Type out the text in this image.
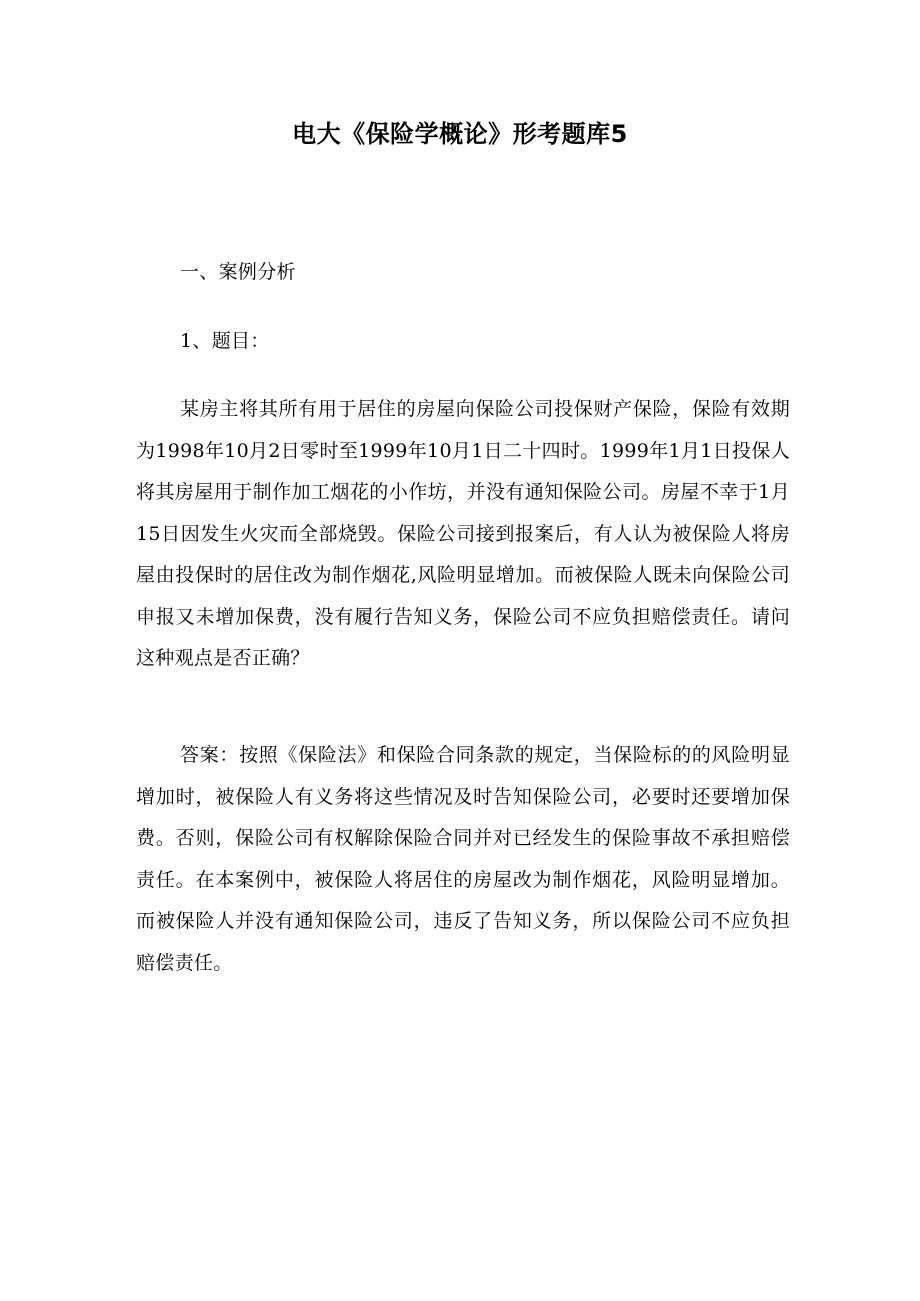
电大《保险学概论》形考题库5
一、案例分析
1、题目：
某房主将其所有用于居住的房屋向保险公司投保财产保险，保险有效期为1998年10月2日零时至1999年10月1日二十四时。1999年1月1日投保人将其房屋用于制作加工烟花的小作坊，并没有通知保险公司。房屋不幸于1月15日因发生火灾而全部烧毁。保险公司接到报案后，有人认为被保险人将房屋由投保时的居住改为制作烟花,风险明显增加。而被保险人既未向保险公司申报又未增加保费，没有履行告知义务，保险公司不应负担赔偿责任。请问这种观点是否正确？
答案：按照《保险法》和保险合同条款的规定，当保险标的的风险明显增加时，被保险人有义务将这些情况及时告知保险公司，必要时还要增加保费。否则，保险公司有权解除保险合同并对已经发生的保险事故不承担赔偿责任。在本案例中，被保险人将居住的房屋改为制作烟花，风险明显增加。而被保险人并没有通知保险公司，违反了告知义务，所以保险公司不应负担赔偿责任。
